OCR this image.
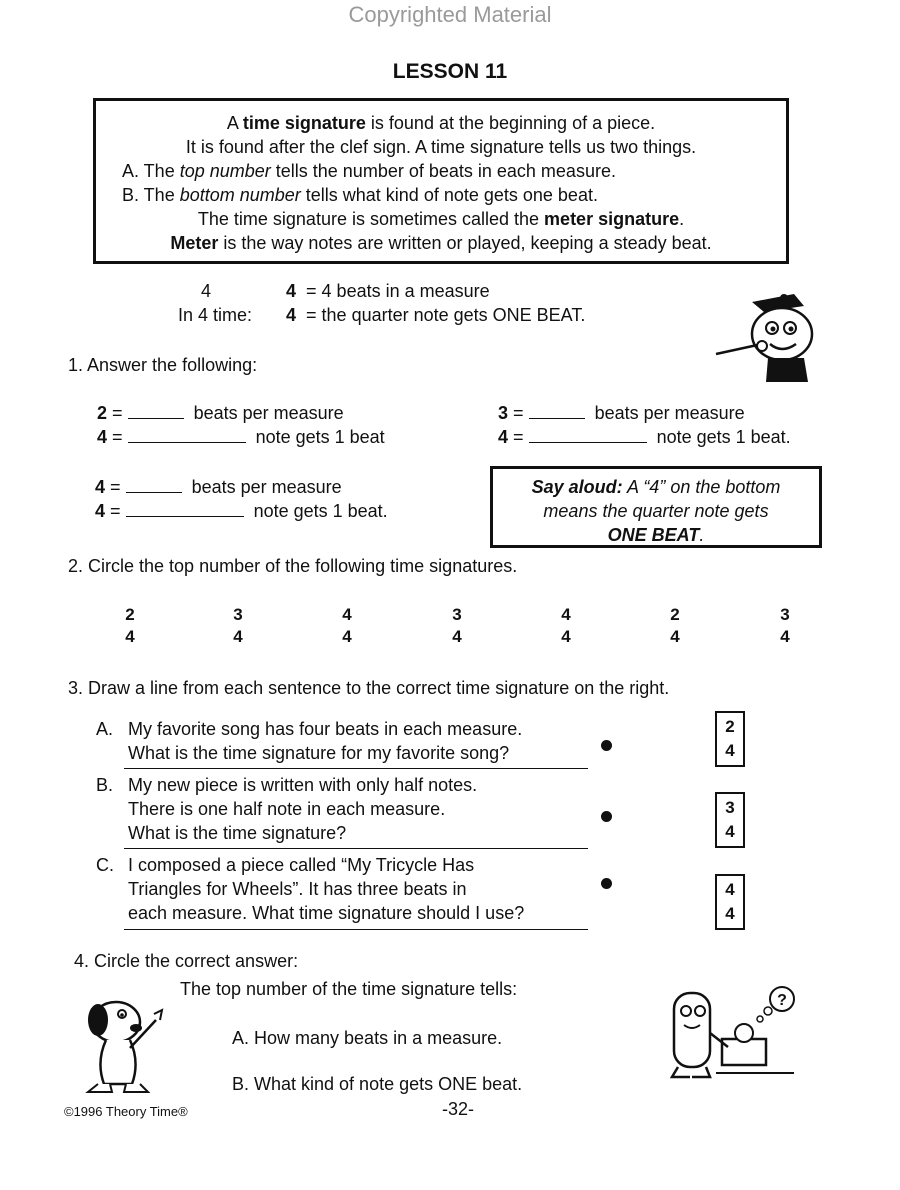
Copyrighted Material
LESSON 11
A time signature is found at the beginning of a piece.
It is found after the clef sign. A time signature tells us two things.
A. The top number tells the number of beats in each measure.
B. The bottom number tells what kind of note gets one beat.
The time signature is sometimes called the meter signature.
Meter is the way notes are written or played, keeping a steady beat.
4
In 4 time:
4 = 4 beats in a measure
4 = the quarter note gets ONE BEAT.
1. Answer the following:
2 =	beats per measure
4 =	note gets 1 beat
3 =	beats per measure
4 =	note gets 1 beat.
4 =	beats per measure
4 =	note gets 1 beat.
Say aloud: A “4” on the bottom
means the quarter note gets
ONE BEAT.
2. Circle the top number of the following time signatures.
2
4
3
4
4
4
3
4
4
4
2
4
3
4
3. Draw a line from each sentence to the correct time signature on the right.
A. My favorite song has four beats in each measure.
What is the time signature for my favorite song?
B. My new piece is written with only half notes.
There is one half note in each measure.
What is the time signature?
C. I composed a piece called “My Tricycle Has
Triangles for Wheels”. It has three beats in
each measure. What time signature should I use?
2
4
3
4
4
4
4. Circle the correct answer:
The top number of the time signature tells:
A. How many beats in a measure.
B. What kind of note gets ONE beat.
?
©1996 Theory Time®	-32-
